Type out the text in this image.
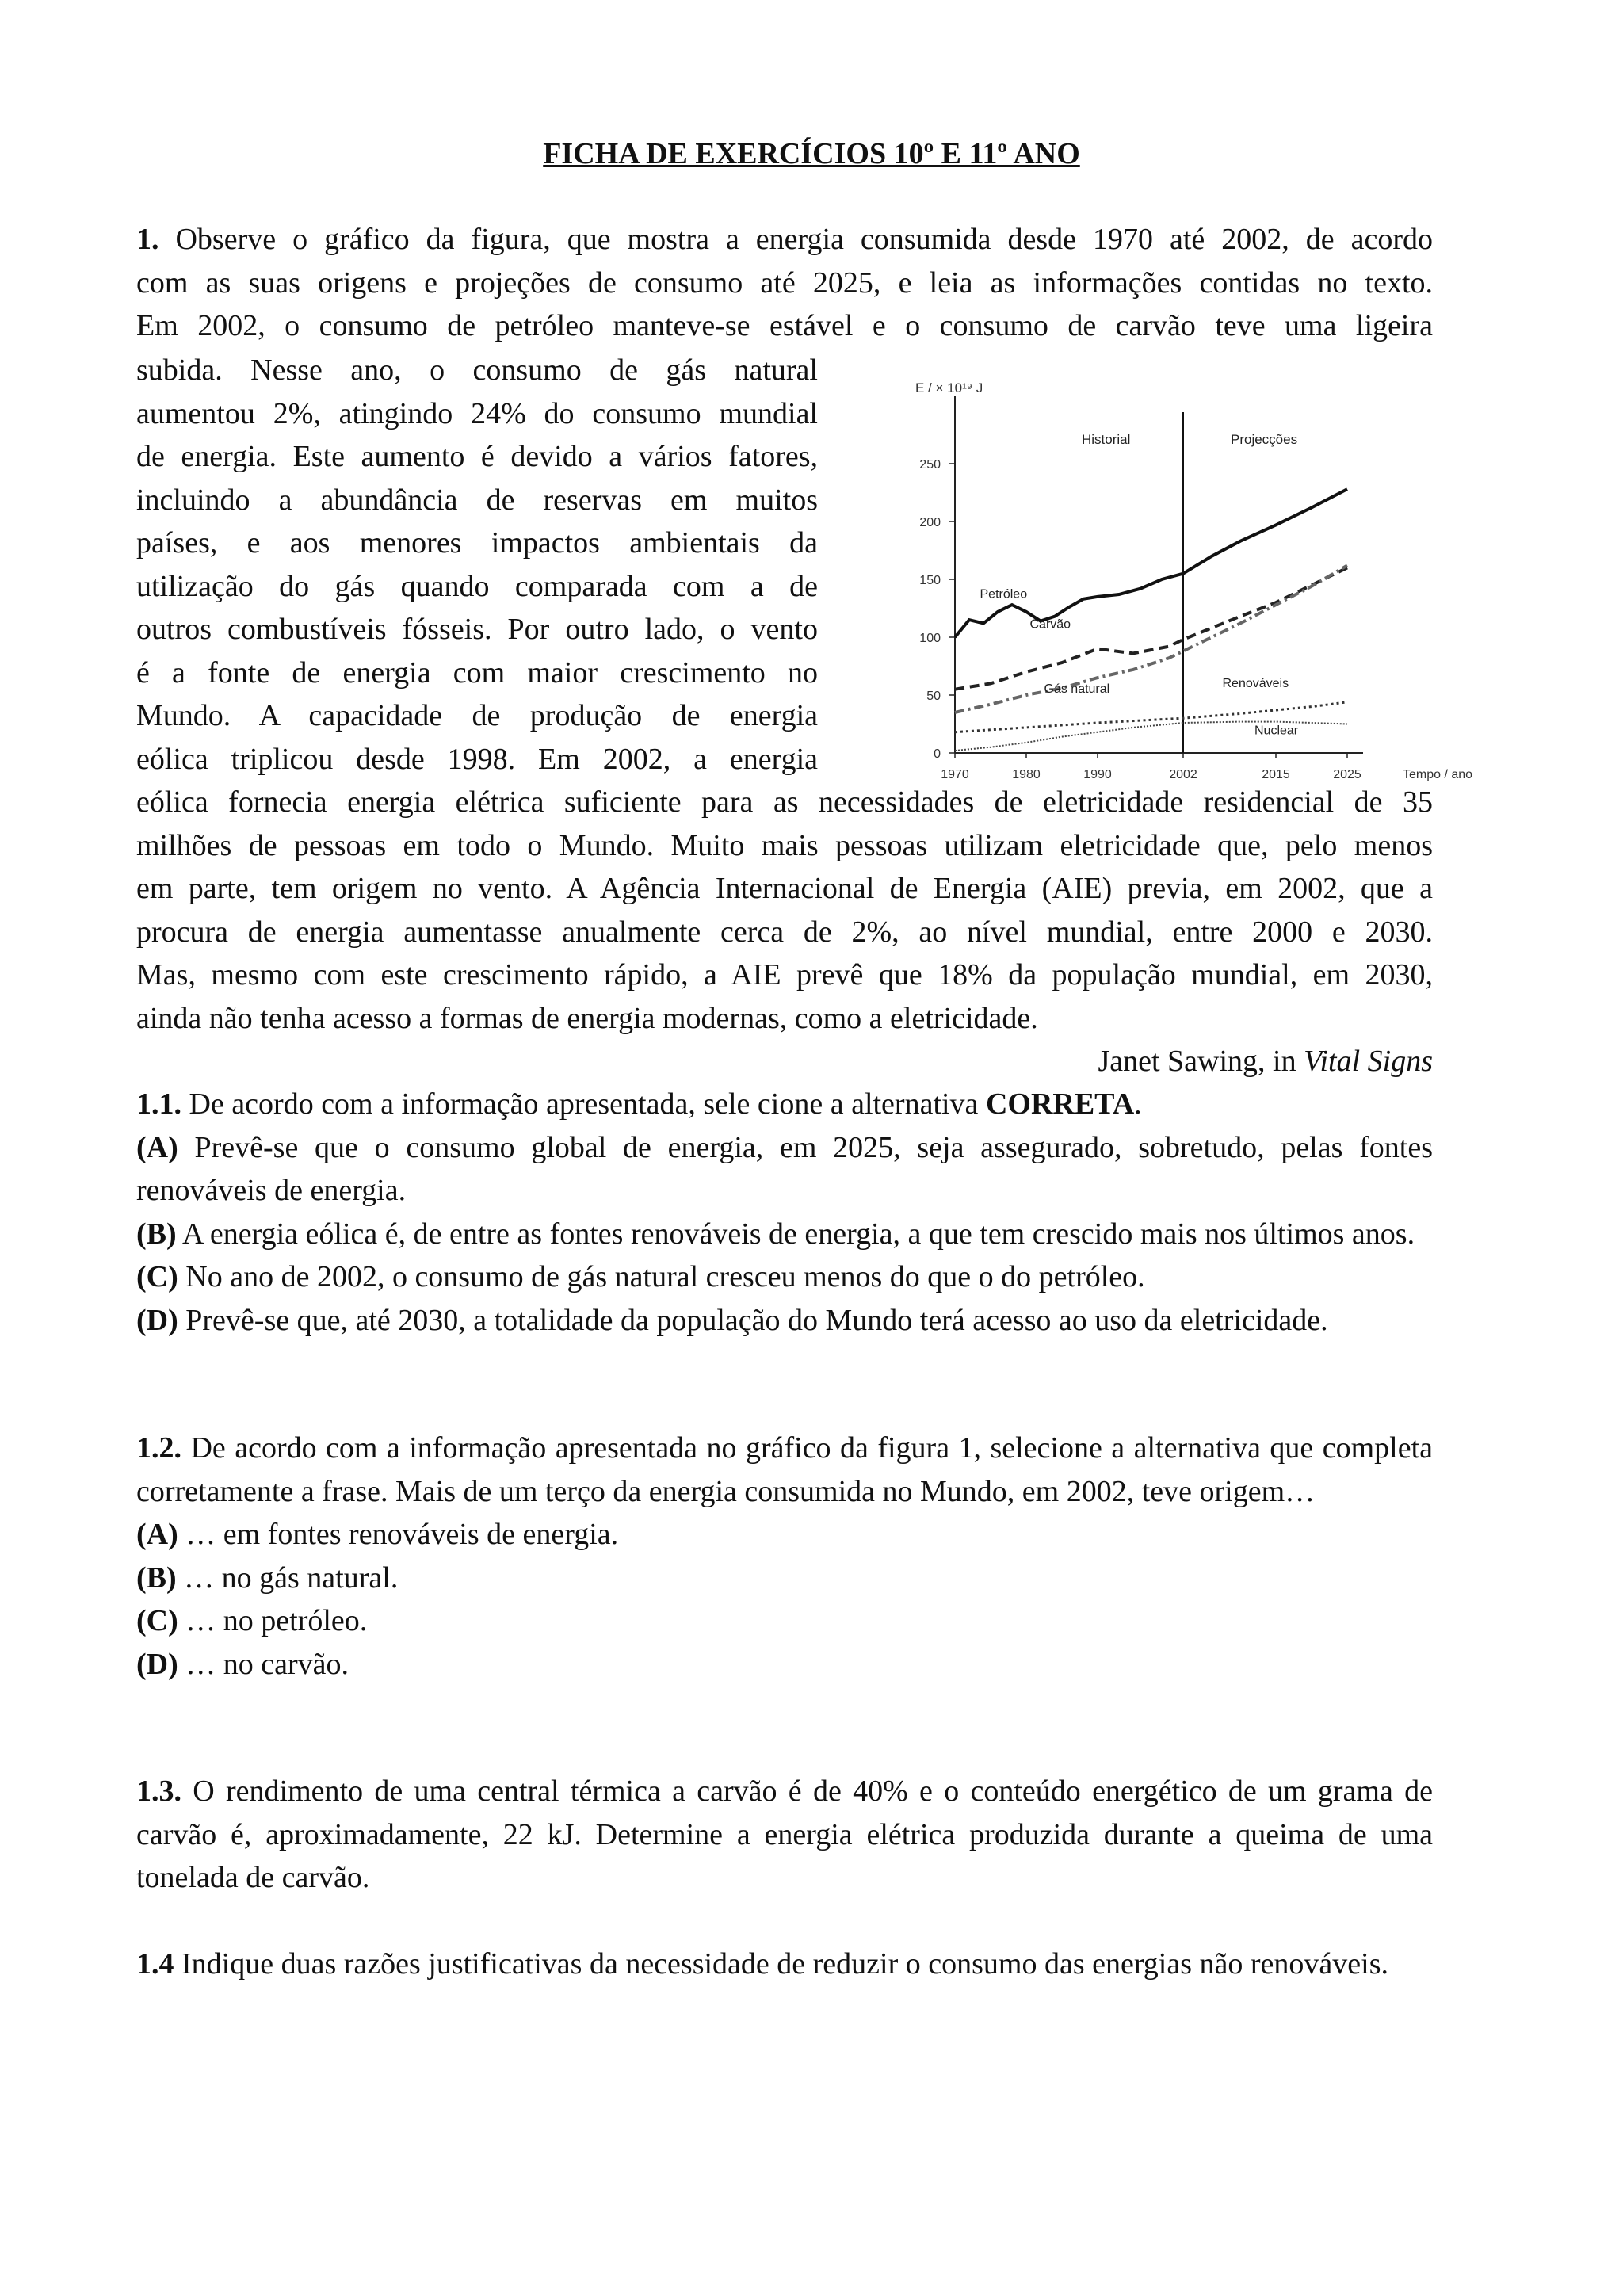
FICHA DE EXERCÍCIOS 10º E 11º ANO
1. Observe o gráfico da figura, que mostra a energia consumida desde 1970 até 2002, de acordo
com as suas origens e projeções de consumo até 2025, e leia as informações contidas no texto.
Em 2002, o consumo de petróleo manteve-se estável e o consumo de carvão teve uma ligeira
subida. Nesse ano, o consumo de gás natural
aumentou 2%, atingindo 24% do consumo mundial
de energia. Este aumento é devido a vários fatores,
incluindo a abundância de reservas em muitos
países, e aos menores impactos ambientais da
utilização do gás quando comparada com a de
outros combustíveis fósseis. Por outro lado, o vento
é a fonte de energia com maior crescimento no
Mundo. A capacidade de produção de energia
eólica triplicou desde 1998. Em 2002, a energia
E / × 10¹⁹ J
Tempo / ano
0
50
100
150
200
250
1970	1980	1990	2002	2015	2025
Historial	Projecções
Petróleo
Carvão
Gás natural	Renováveis
Nuclear
eólica fornecia energia elétrica suficiente para as necessidades de eletricidade residencial de 35
milhões de pessoas em todo o Mundo. Muito mais pessoas utilizam eletricidade que, pelo menos
em parte, tem origem no vento. A Agência Internacional de Energia (AIE) previa, em 2002, que a
procura de energia aumentasse anualmente cerca de 2%, ao nível mundial, entre 2000 e 2030.
Mas, mesmo com este crescimento rápido, a AIE prevê que 18% da população mundial, em 2030,
ainda não tenha acesso a formas de energia modernas, como a eletricidade.
Janet Sawing, in Vital Signs
1.1. De acordo com a informação apresentada, sele cione a alternativa CORRETA.
(A) Prevê-se que o consumo global de energia, em 2025, seja assegurado, sobretudo, pelas fontes renováveis de energia.
(B) A energia eólica é, de entre as fontes renováveis de energia, a que tem crescido mais nos últimos anos.
(C) No ano de 2002, o consumo de gás natural cresceu menos do que o do petróleo.
(D) Prevê-se que, até 2030, a totalidade da população do Mundo terá acesso ao uso da eletricidade.
1.2. De acordo com a informação apresentada no gráfico da figura 1, selecione a alternativa que completa corretamente a frase. Mais de um terço da energia consumida no Mundo, em 2002, teve origem…
(A) … em fontes renováveis de energia.
(B) … no gás natural.
(C) … no petróleo.
(D) … no carvão.
1.3. O rendimento de uma central térmica a carvão é de 40% e o conteúdo energético de um grama de carvão é, aproximadamente, 22 kJ. Determine a energia elétrica produzida durante a queima de uma tonelada de carvão.
1.4 Indique duas razões justificativas da necessidade de reduzir o consumo das energias não renováveis.
